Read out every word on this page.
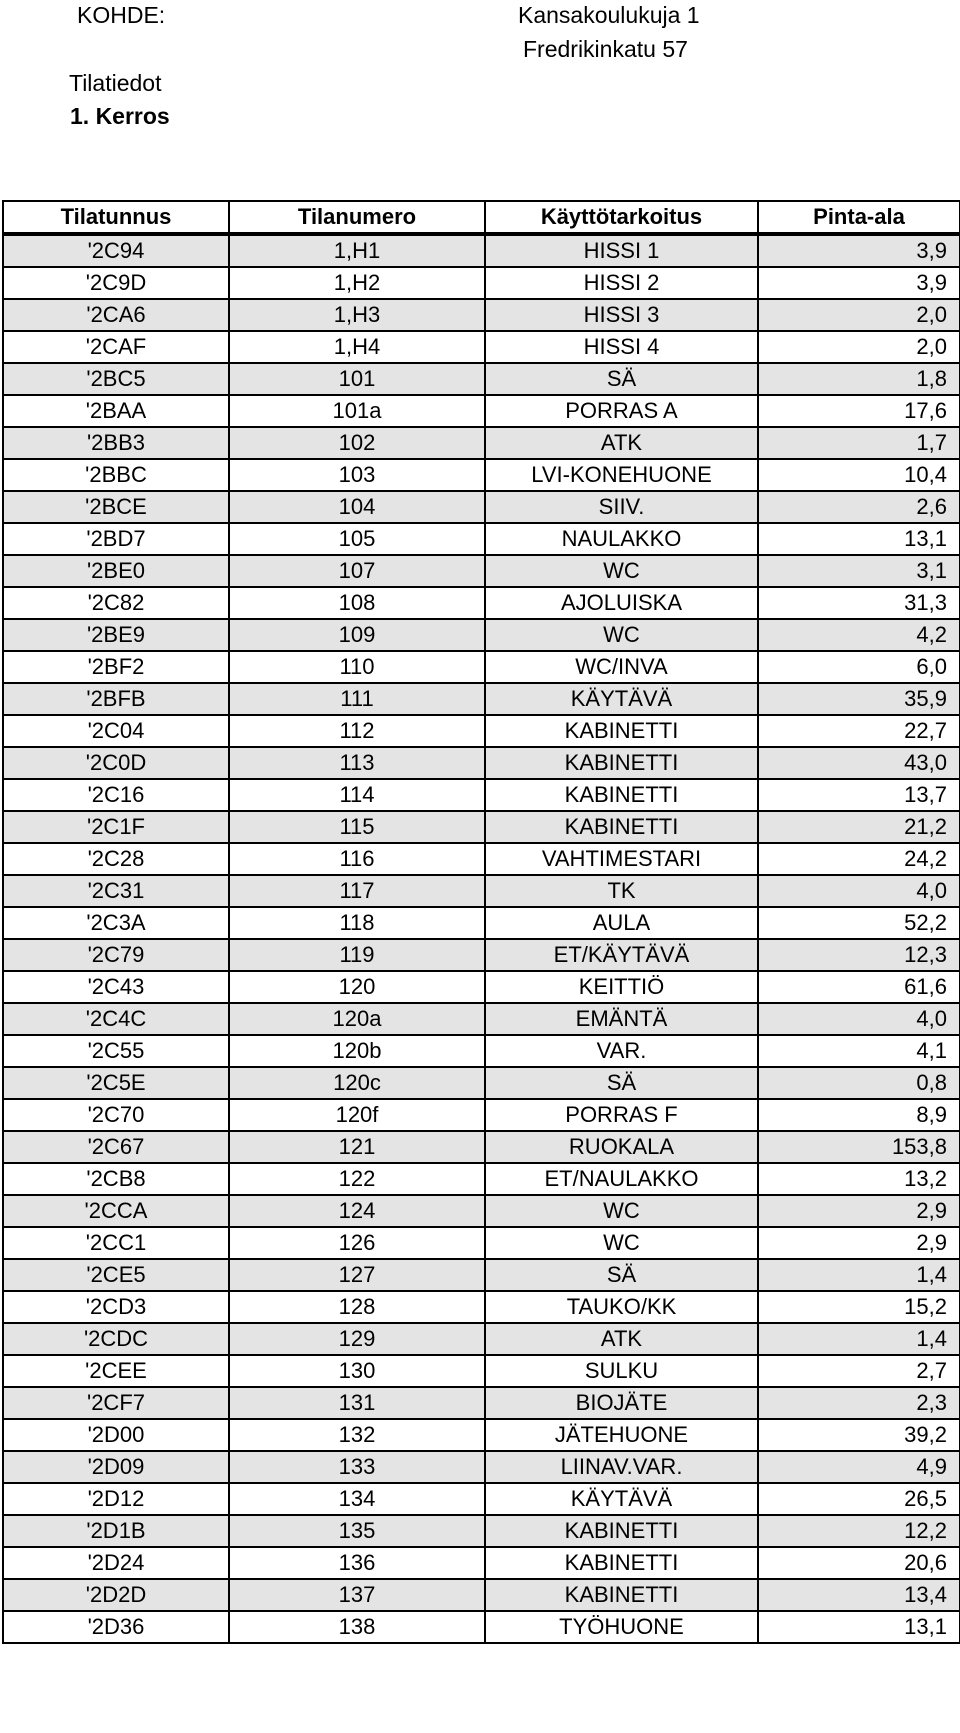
KOHDE:	Kansakoulukuja 1
Fredrikinkatu 57
Tilatiedot
1. Kerros
Tilatunnus	Tilanumero	Käyttötarkoitus	Pinta-ala
'2C94	1,H1	HISSI 1	3,9
'2C9D	1,H2	HISSI 2	3,9
'2CA6	1,H3	HISSI 3	2,0
'2CAF	1,H4	HISSI 4	2,0
'2BC5	101	SÄ	1,8
'2BAA	101a	PORRAS A	17,6
'2BB3	102	ATK	1,7
'2BBC	103	LVI-KONEHUONE	10,4
'2BCE	104	SIIV.	2,6
'2BD7	105	NAULAKKO	13,1
'2BE0	107	WC	3,1
'2C82	108	AJOLUISKA	31,3
'2BE9	109	WC	4,2
'2BF2	110	WC/INVA	6,0
'2BFB	111	KÄYTÄVÄ	35,9
'2C04	112	KABINETTI	22,7
'2C0D	113	KABINETTI	43,0
'2C16	114	KABINETTI	13,7
'2C1F	115	KABINETTI	21,2
'2C28	116	VAHTIMESTARI	24,2
'2C31	117	TK	4,0
'2C3A	118	AULA	52,2
'2C79	119	ET/KÄYTÄVÄ	12,3
'2C43	120	KEITTIÖ	61,6
'2C4C	120a	EMÄNTÄ	4,0
'2C55	120b	VAR.	4,1
'2C5E	120c	SÄ	0,8
'2C70	120f	PORRAS F	8,9
'2C67	121	RUOKALA	153,8
'2CB8	122	ET/NAULAKKO	13,2
'2CCA	124	WC	2,9
'2CC1	126	WC	2,9
'2CE5	127	SÄ	1,4
'2CD3	128	TAUKO/KK	15,2
'2CDC	129	ATK	1,4
'2CEE	130	SULKU	2,7
'2CF7	131	BIOJÄTE	2,3
'2D00	132	JÄTEHUONE	39,2
'2D09	133	LIINAV.VAR.	4,9
'2D12	134	KÄYTÄVÄ	26,5
'2D1B	135	KABINETTI	12,2
'2D24	136	KABINETTI	20,6
'2D2D	137	KABINETTI	13,4
'2D36	138	TYÖHUONE	13,1
